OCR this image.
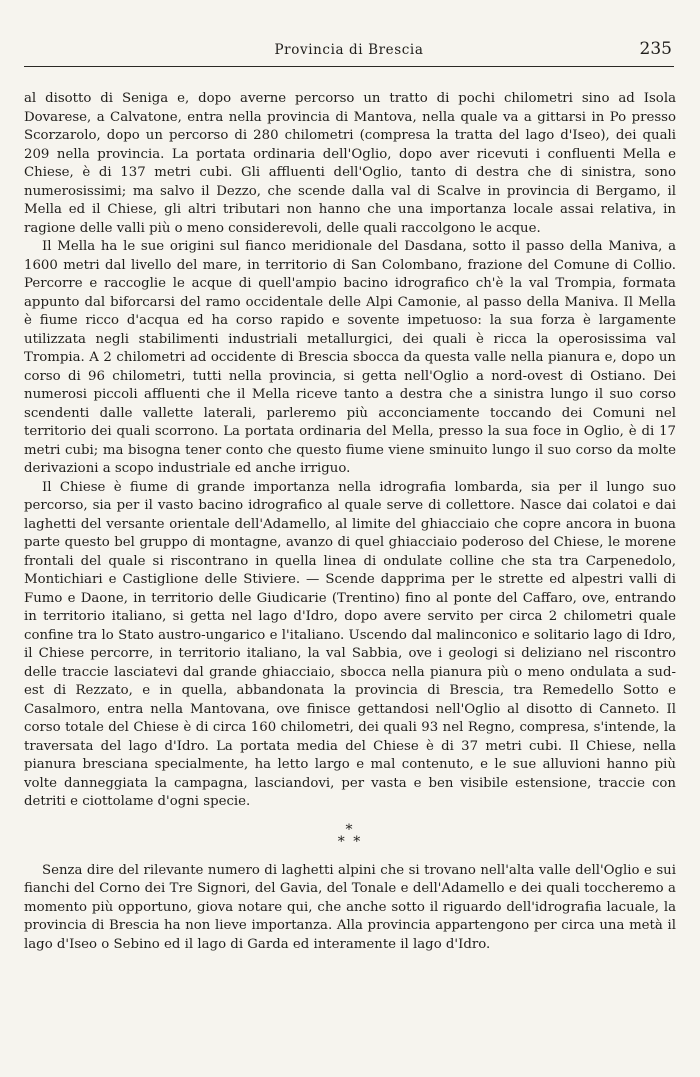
Provincia di Brescia	235

al disotto di Seniga e, dopo averne percorso un tratto di pochi chilometri sino ad Isola Dovarese, a Calvatone, entra nella provincia di Mantova, nella quale va a gittarsi in Po presso Scorzarolo, dopo un percorso di 280 chilometri (compresa la tratta del lago d'Iseo), dei quali 209 nella provincia. La portata ordinaria dell'Oglio, dopo aver ricevuti i confluenti Mella e Chiese, è di 137 metri cubi. Gli affluenti dell'Oglio, tanto di destra che di sinistra, sono numerosissimi; ma salvo il Dezzo, che scende dalla val di Scalve in provincia di Bergamo, il Mella ed il Chiese, gli altri tributari non hanno che una importanza locale assai relativa, in ragione delle valli più o meno considerevoli, delle quali raccolgono le acque.

Il Mella ha le sue origini sul fianco meridionale del Dasdana, sotto il passo della Maniva, a 1600 metri dal livello del mare, in territorio di San Colombano, frazione del Comune di Collio. Percorre e raccoglie le acque di quell'ampio bacino idrografico ch'è la val Trompia, formata appunto dal biforcarsi del ramo occidentale delle Alpi Camonie, al passo della Maniva. Il Mella è fiume ricco d'acqua ed ha corso rapido e sovente impetuoso: la sua forza è largamente utilizzata negli stabilimenti industriali metallurgici, dei quali è ricca la operosissima val Trompia. A 2 chilometri ad occidente di Brescia sbocca da questa valle nella pianura e, dopo un corso di 96 chilometri, tutti nella provincia, si getta nell'Oglio a nord-ovest di Ostiano. Dei numerosi piccoli affluenti che il Mella riceve tanto a destra che a sinistra lungo il suo corso scendenti dalle vallette laterali, parleremo più acconciamente toccando dei Comuni nel territorio dei quali scorrono. La portata ordinaria del Mella, presso la sua foce in Oglio, è di 17 metri cubi; ma bisogna tener conto che questo fiume viene sminuito lungo il suo corso da molte derivazioni a scopo industriale ed anche irriguo.

Il Chiese è fiume di grande importanza nella idrografia lombarda, sia per il lungo suo percorso, sia per il vasto bacino idrografico al quale serve di collettore. Nasce dai colatoi e dai laghetti del versante orientale dell'Adamello, al limite del ghiacciaio che copre ancora in buona parte questo bel gruppo di montagne, avanzo di quel ghiacciaio poderoso del Chiese, le morene frontali del quale si riscontrano in quella linea di ondulate colline che sta tra Carpenedolo, Montichiari e Castiglione delle Stiviere. — Scende dapprima per le strette ed alpestri valli di Fumo e Daone, in territorio delle Giudicarie (Trentino) fino al ponte del Caffaro, ove, entrando in territorio italiano, si getta nel lago d'Idro, dopo avere servito per circa 2 chilometri quale confine tra lo Stato austro-ungarico e l'italiano. Uscendo dal malinconico e solitario lago di Idro, il Chiese percorre, in territorio italiano, la val Sabbia, ove i geologi si deliziano nel riscontro delle traccie lasciatevi dal grande ghiacciaio, sbocca nella pianura più o meno ondulata a sud-est di Rezzato, e in quella, abbandonata la provincia di Brescia, tra Remedello Sotto e Casalmoro, entra nella Mantovana, ove finisce gettandosi nell'Oglio al disotto di Canneto. Il corso totale del Chiese è di circa 160 chilometri, dei quali 93 nel Regno, compresa, s'intende, la traversata del lago d'Idro. La portata media del Chiese è di 37 metri cubi. Il Chiese, nella pianura bresciana specialmente, ha letto largo e mal contenuto, e le sue alluvioni hanno più volte danneggiata la campagna, lasciandovi, per vasta e ben visibile estensione, traccie con detriti e ciottolame d'ogni specie.

*
* *

Senza dire del rilevante numero di laghetti alpini che si trovano nell'alta valle dell'Oglio e sui fianchi del Corno dei Tre Signori, del Gavia, del Tonale e dell'Adamello e dei quali toccheremo a momento più opportuno, giova notare qui, che anche sotto il riguardo dell'idrografia lacuale, la provincia di Brescia ha non lieve importanza. Alla provincia appartengono per circa una metà il lago d'Iseo o Sebino ed il lago di Garda ed interamente il lago d'Idro.
